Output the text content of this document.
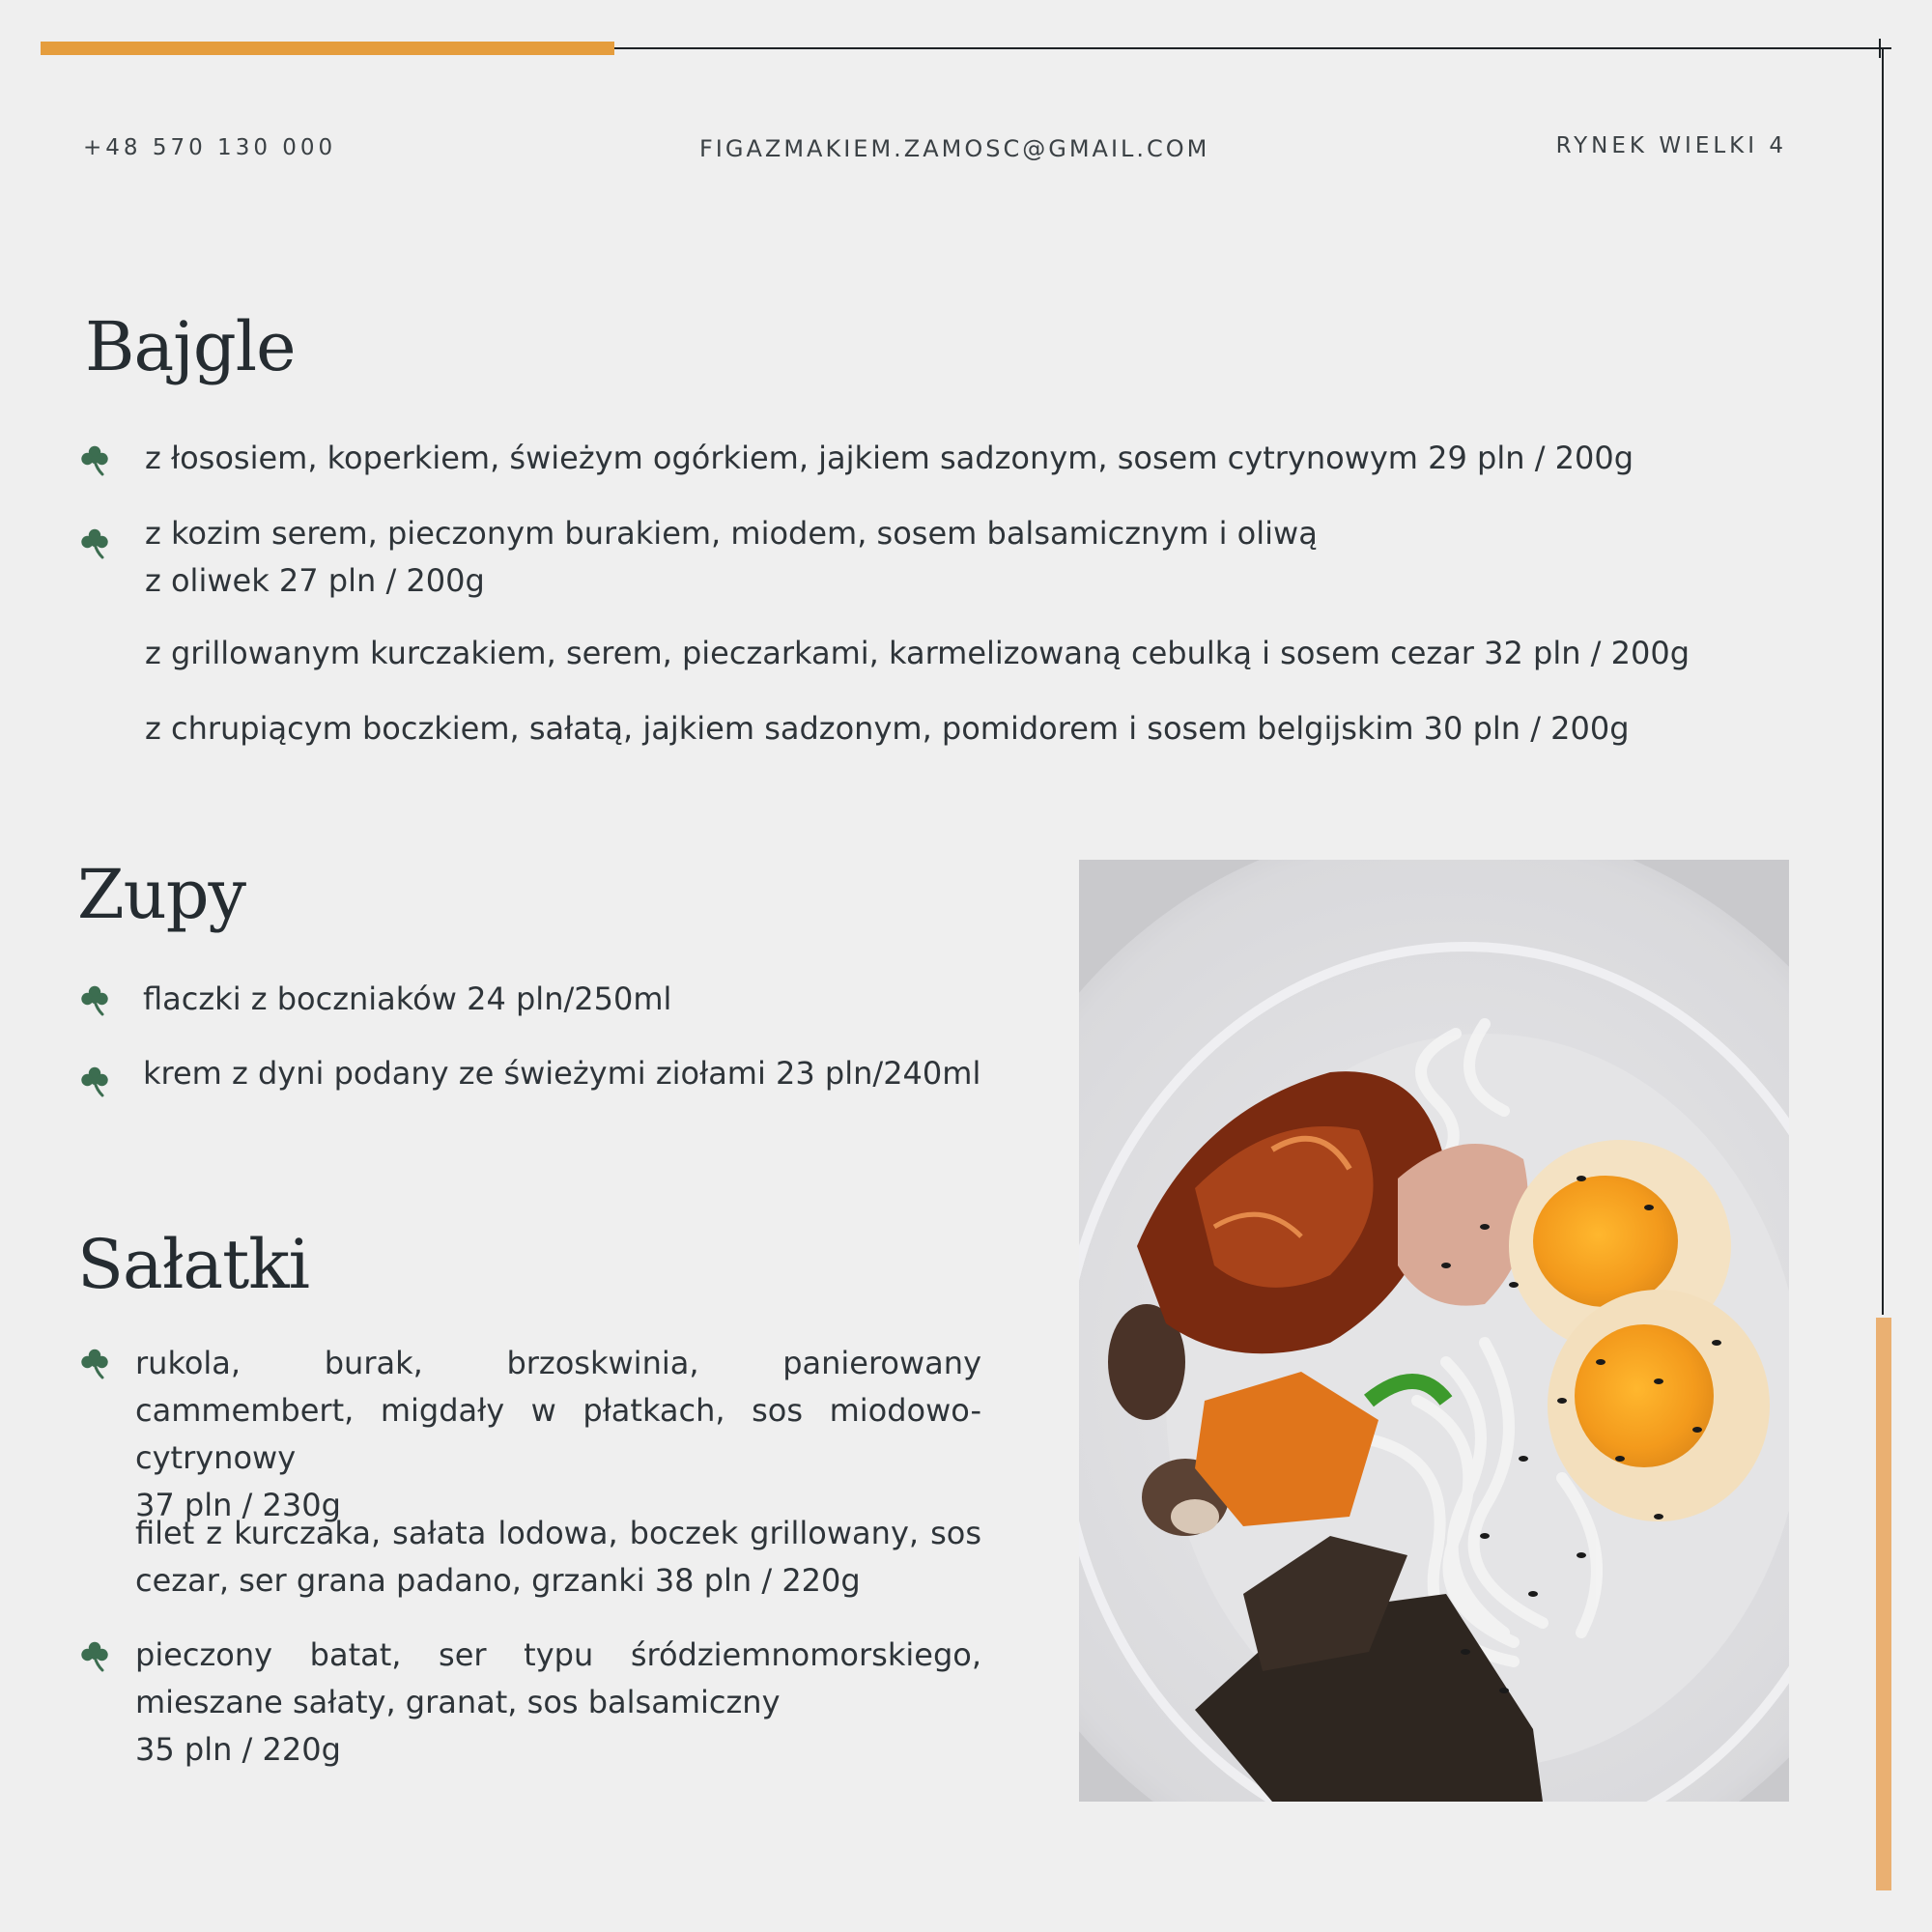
+48 570 130 000	FIGAZMAKIEM.ZAMOSC@GMAIL.COM	RYNEK WIELKI 4
Bajgle
z łososiem, koperkiem, świeżym ogórkiem, jajkiem sadzonym, sosem cytrynowym 29 pln / 200g
z kozim serem, pieczonym burakiem, miodem, sosem balsamicznym i oliwą
z oliwek 27 pln / 200g
z grillowanym kurczakiem, serem, pieczarkami, karmelizowaną cebulką i sosem cezar 32 pln / 200g
z chrupiącym boczkiem, sałatą, jajkiem sadzonym, pomidorem i sosem belgijskim 30 pln / 200g
Zupy
flaczki z boczniaków 24 pln/250ml
krem z dyni podany ze świeżymi ziołami 23 pln/240ml
Sałatki
rukola, burak, brzoskwinia, panierowany cammembert, migdały w płatkach, sos miodowo-cytrynowy
37 pln / 230g
filet z kurczaka, sałata lodowa, boczek grillowany, sos cezar, ser grana padano, grzanki 38 pln / 220g
pieczony batat, ser typu śródziemnomorskiego, mieszane sałaty, granat, sos balsamiczny
35 pln / 220g
